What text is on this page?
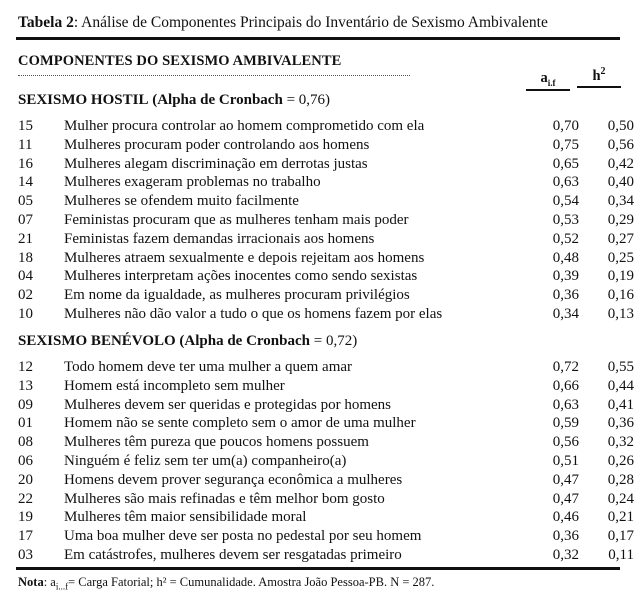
Tabela 2: Análise de Componentes Principais do Inventário de Sexismo Ambivalente
COMPONENTES DO SEXISMO AMBIVALENTE
$a_{i.f}$	$h^2$
SEXISMO HOSTIL (Alpha de Cronbach = 0,76)
15 Mulher procura controlar ao homem comprometido com ela	0,70	0,50
11 Mulheres procuram poder controlando aos homens	0,75	0,56
16 Mulheres alegam discriminação em derrotas justas	0,65	0,42
14 Mulheres exageram problemas no trabalho	0,63	0,40
05 Mulheres se ofendem muito facilmente	0,54	0,34
07 Feministas procuram que as mulheres tenham mais poder	0,53	0,29
21 Feministas fazem demandas irracionais aos homens	0,52	0,27
18 Mulheres atraem sexualmente e depois rejeitam aos homens	0,48	0,25
04 Mulheres interpretam ações inocentes como sendo sexistas	0,39	0,19
02 Em nome da igualdade, as mulheres procuram privilégios	0,36	0,16
10 Mulheres não dão valor a tudo o que os homens fazem por elas	0,34	0,13
SEXISMO BENÉVOLO (Alpha de Cronbach = 0,72)
12 Todo homem deve ter uma mulher a quem amar	0,72	0,55
13 Homem está incompleto sem mulher	0,66	0,44
09 Mulheres devem ser queridas e protegidas por homens	0,63	0,41
01 Homem não se sente completo sem o amor de uma mulher	0,59	0,36
08 Mulheres têm pureza que poucos homens possuem	0,56	0,32
06 Ninguém é feliz sem ter um(a) companheiro(a)	0,51	0,26
20 Homens devem prover segurança econômica a mulheres	0,47	0,28
22 Mulheres são mais refinadas e têm melhor bom gosto	0,47	0,24
19 Mulheres têm maior sensibilidade moral	0,46	0,21
17 Uma boa mulher deve ser posta no pedestal por seu homem	0,36	0,17
03 Em catástrofes, mulheres devem ser resgatadas primeiro	0,32	0,11
Nota: $a_{i...f}=$ Carga Fatorial; h² = Cumunalidade. Amostra João Pessoa-PB. N = 287.
